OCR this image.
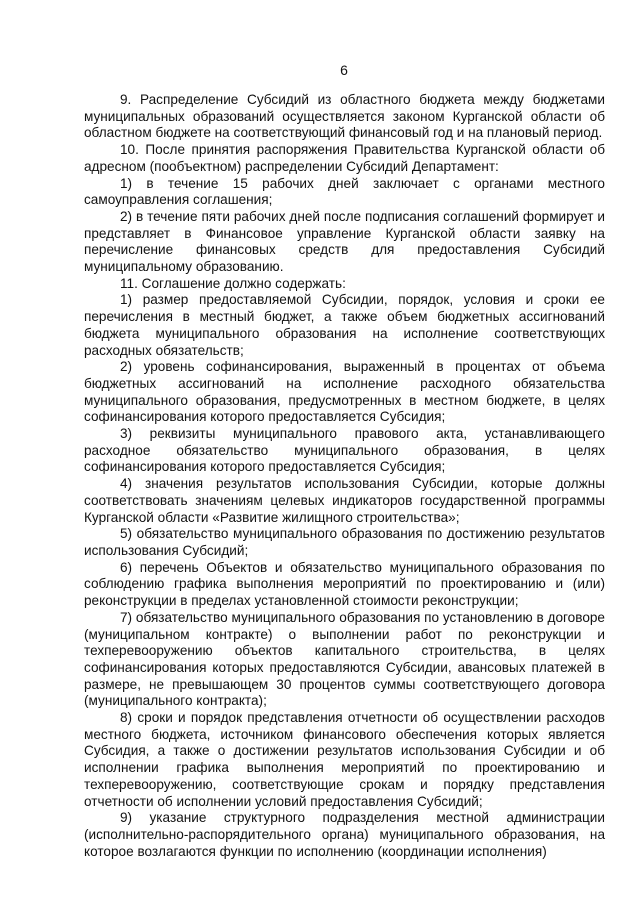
6

9. Распределение Субсидий из областного бюджета между бюджетами муниципальных образований осуществляется законом Курганской области об областном бюджете на соответствующий финансовый год и на плановый период.

10. После принятия распоряжения Правительства Курганской области об адресном (пообъектном) распределении Субсидий Департамент:

1) в течение 15 рабочих дней заключает с органами местного самоуправления соглашения;

2) в течение пяти рабочих дней после подписания соглашений формирует и представляет в Финансовое управление Курганской области заявку на перечисление финансовых средств для предоставления Субсидий муниципальному образованию.

11. Соглашение должно содержать:

1) размер предоставляемой Субсидии, порядок, условия и сроки ее перечисления в местный бюджет, а также объем бюджетных ассигнований бюджета муниципального образования на исполнение соответствующих расходных обязательств;

2) уровень софинансирования, выраженный в процентах от объема бюджетных ассигнований на исполнение расходного обязательства муниципального образования, предусмотренных в местном бюджете, в целях софинансирования которого предоставляется Субсидия;

3) реквизиты муниципального правового акта, устанавливающего расходное обязательство муниципального образования, в целях софинансирования которого предоставляется Субсидия;

4) значения результатов использования Субсидии, которые должны соответствовать значениям целевых индикаторов государственной программы Курганской области «Развитие жилищного строительства»;

5) обязательство муниципального образования по достижению результатов использования Субсидий;

6) перечень Объектов и обязательство муниципального образования по соблюдению графика выполнения мероприятий по проектированию и (или) реконструкции в пределах установленной стоимости реконструкции;

7) обязательство муниципального образования по установлению в договоре (муниципальном контракте) о выполнении работ по реконструкции и техперевооружению объектов капитального строительства, в целях софинансирования которых предоставляются Субсидии, авансовых платежей в размере, не превышающем 30 процентов суммы соответствующего договора (муниципального контракта);

8) сроки и порядок представления отчетности об осуществлении расходов местного бюджета, источником финансового обеспечения которых является Субсидия, а также о достижении результатов использования Субсидии и об исполнении графика выполнения мероприятий по проектированию и техперевооружению, соответствующие срокам и порядку представления отчетности об исполнении условий предоставления Субсидий;

9) указание структурного подразделения местной администрации (исполнительно-распорядительного органа) муниципального образования, на которое возлагаются функции по исполнению (координации исполнения)
